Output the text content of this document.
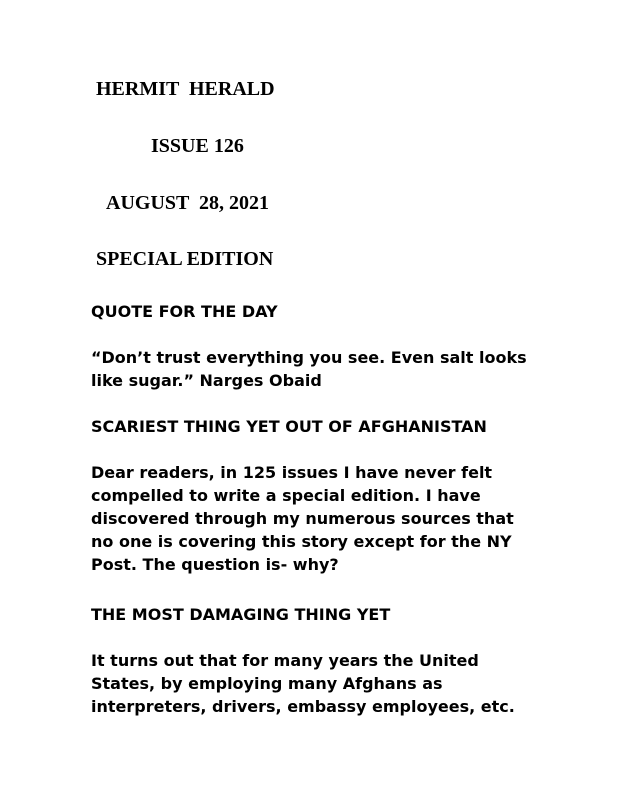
HERMIT  HERALD
ISSUE 126
AUGUST  28, 2021
SPECIAL EDITION
QUOTE FOR THE DAY

“Don’t trust everything you see. Even salt looks
like sugar.” Narges Obaid

SCARIEST THING YET OUT OF AFGHANISTAN

Dear readers, in 125 issues I have never felt
compelled to write a special edition. I have
discovered through my numerous sources that
no one is covering this story except for the NY
Post. The question is- why?

THE MOST DAMAGING THING YET

It turns out that for many years the United
States, by employing many Afghans as
interpreters, drivers, embassy employees, etc.
